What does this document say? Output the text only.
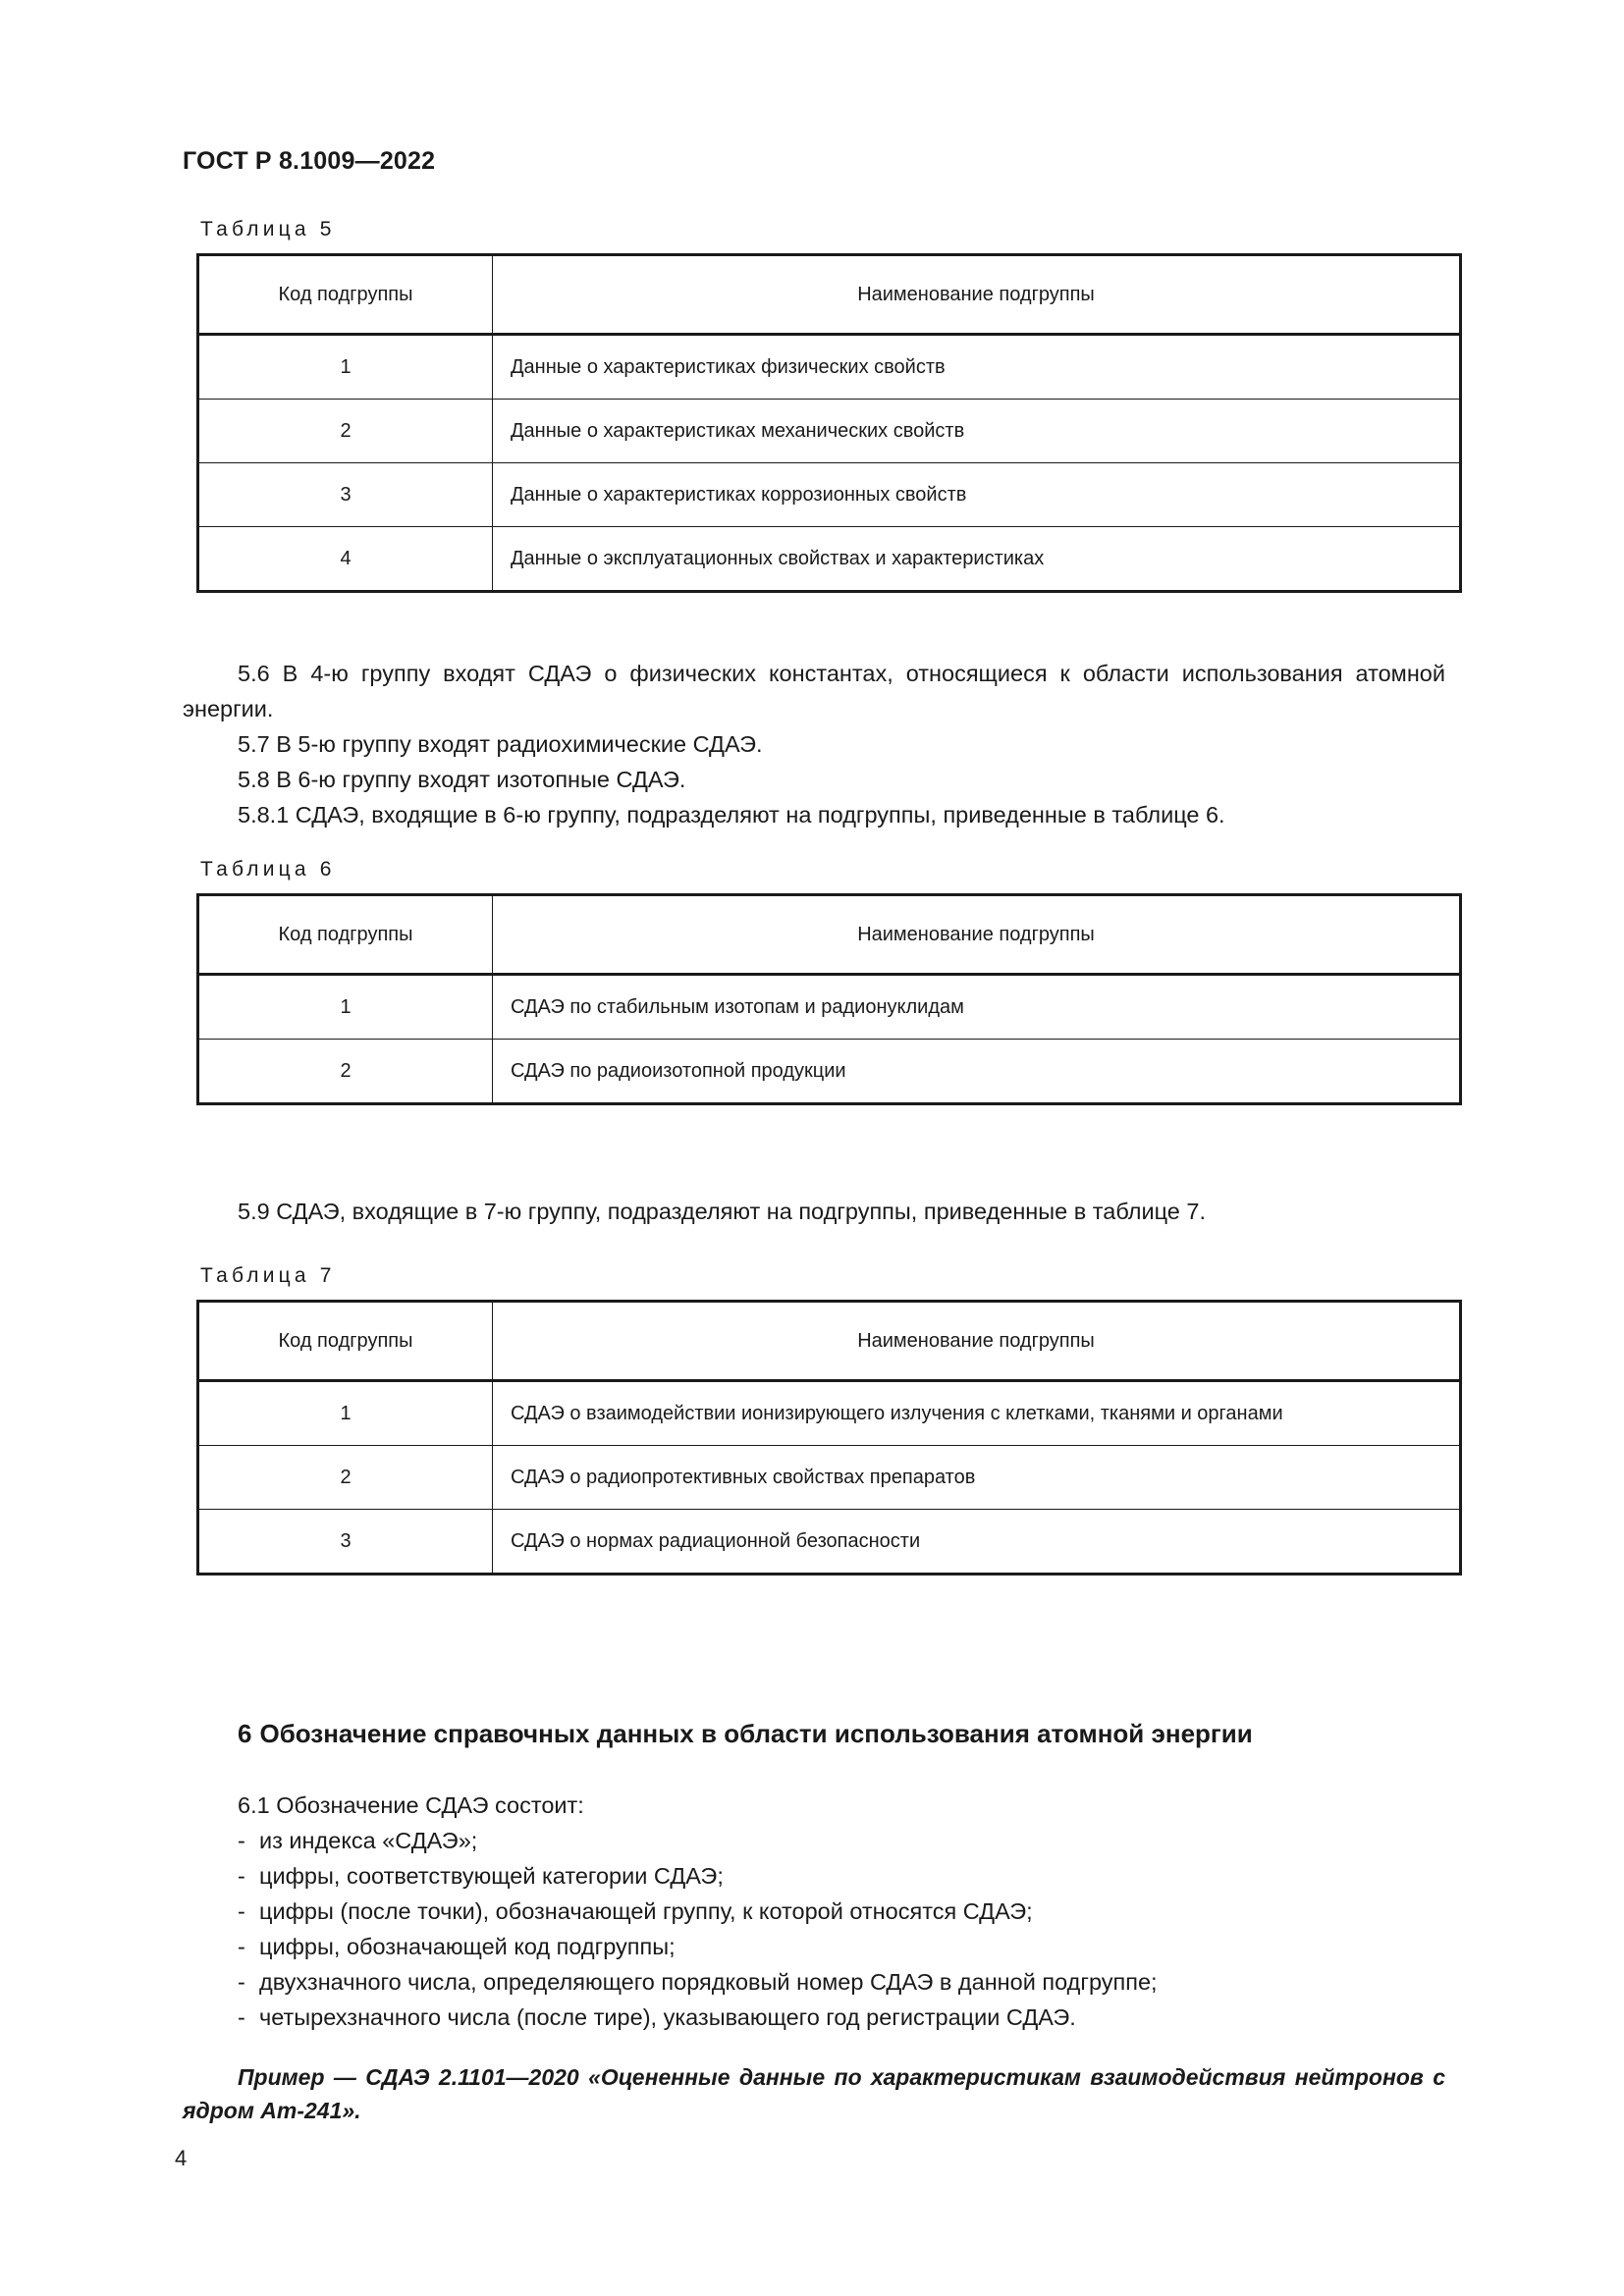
ГОСТ Р 8.1009—2022
Таблица 5
Код подгруппы	Наименование подгруппы
1	Данные о характеристиках физических свойств
2	Данные о характеристиках механических свойств
3	Данные о характеристиках коррозионных свойств
4	Данные о эксплуатационных свойствах и характеристиках

5.6 В 4-ю группу входят СДАЭ о физических константах, относящиеся к области использования атомной энергии.

5.7 В 5-ю группу входят радиохимические СДАЭ.

5.8 В 6-ю группу входят изотопные СДАЭ.

5.8.1 СДАЭ, входящие в 6-ю группу, подразделяют на подгруппы, приведенные в таблице 6.

Таблица 6
Код подгруппы	Наименование подгруппы
1	СДАЭ по стабильным изотопам и радионуклидам
2	СДАЭ по радиоизотопной продукции

5.9 СДАЭ, входящие в 7-ю группу, подразделяют на подгруппы, приведенные в таблице 7.

Таблица 7
Код подгруппы	Наименование подгруппы
1	СДАЭ о взаимодействии ионизирующего излучения с клетками, тканями и органами
2	СДАЭ о радиопротективных свойствах препаратов
3	СДАЭ о нормах радиационной безопасности
6 Обозначение справочных данных в области использования атомной энергии

6.1 Обозначение СДАЭ состоит:

- из индекса «СДАЭ»;
- цифры, соответствующей категории СДАЭ;
- цифры (после точки), обозначающей группу, к которой относятся СДАЭ;
- цифры, обозначающей код подгруппы;
- двухзначного числа, определяющего порядковый номер СДАЭ в данной подгруппе;
- четырехзначного числа (после тире), указывающего год регистрации СДАЭ.

Пример — СДАЭ 2.1101—2020 «Оцененные данные по характеристикам взаимодействия нейтронов с ядром Am-241».

4
